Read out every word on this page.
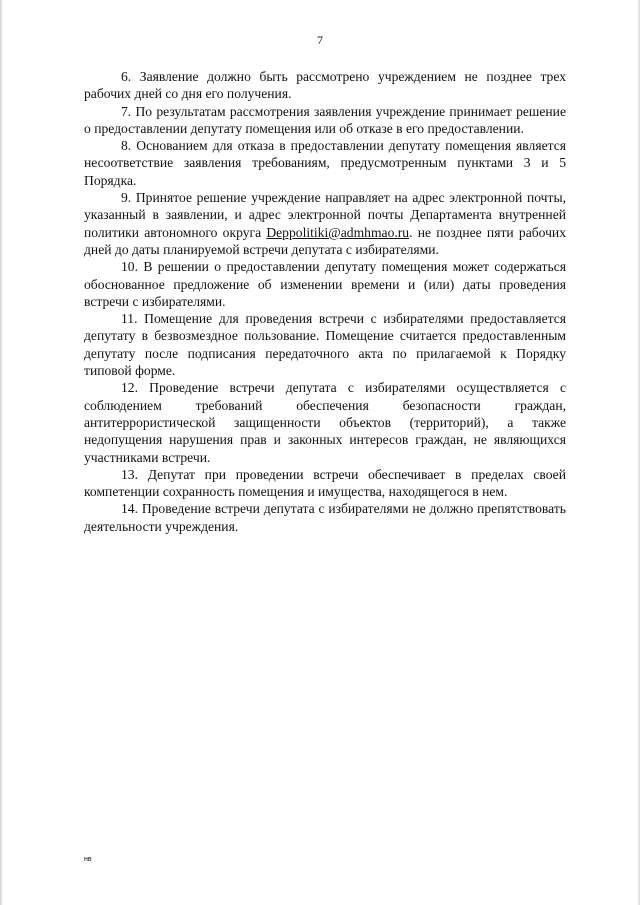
7

6. Заявление должно быть рассмотрено учреждением не позднее трех рабочих дней со дня его получения.

7. По результатам рассмотрения заявления учреждение принимает решение о предоставлении депутату помещения или об отказе в его предоставлении.

8. Основанием для отказа в предоставлении депутату помещения является несоответствие заявления требованиям, предусмотренным пунктами 3 и 5 Порядка.

9. Принятое решение учреждение направляет на адрес электронной почты, указанный в заявлении, и адрес электронной почты Департамента внутренней политики автономного округа Deppolitiki@admhmao.ru. не позднее пяти рабочих дней до даты планируемой встречи депутата с избирателями.

10. В решении о предоставлении депутату помещения может содержаться обоснованное предложение об изменении времени и (или) даты проведения встречи с избирателями.

11. Помещение для проведения встречи с избирателями предоставляется депутату в безвозмездное пользование. Помещение считается предоставленным депутату после подписания передаточного акта по прилагаемой к Порядку типовой форме.

12. Проведение встречи депутата с избирателями осуществляется с соблюдением требований обеспечения безопасности граждан, антитеррористической защищенности объектов (территорий), а также недопущения нарушения прав и законных интересов граждан, не являющихся участниками встречи.

13. Депутат при проведении встречи обеспечивает в пределах своей компетенции сохранность помещения и имущества, находящегося в нем.

14. Проведение встречи депутата с избирателями не должно препятствовать деятельности учреждения.

нв
